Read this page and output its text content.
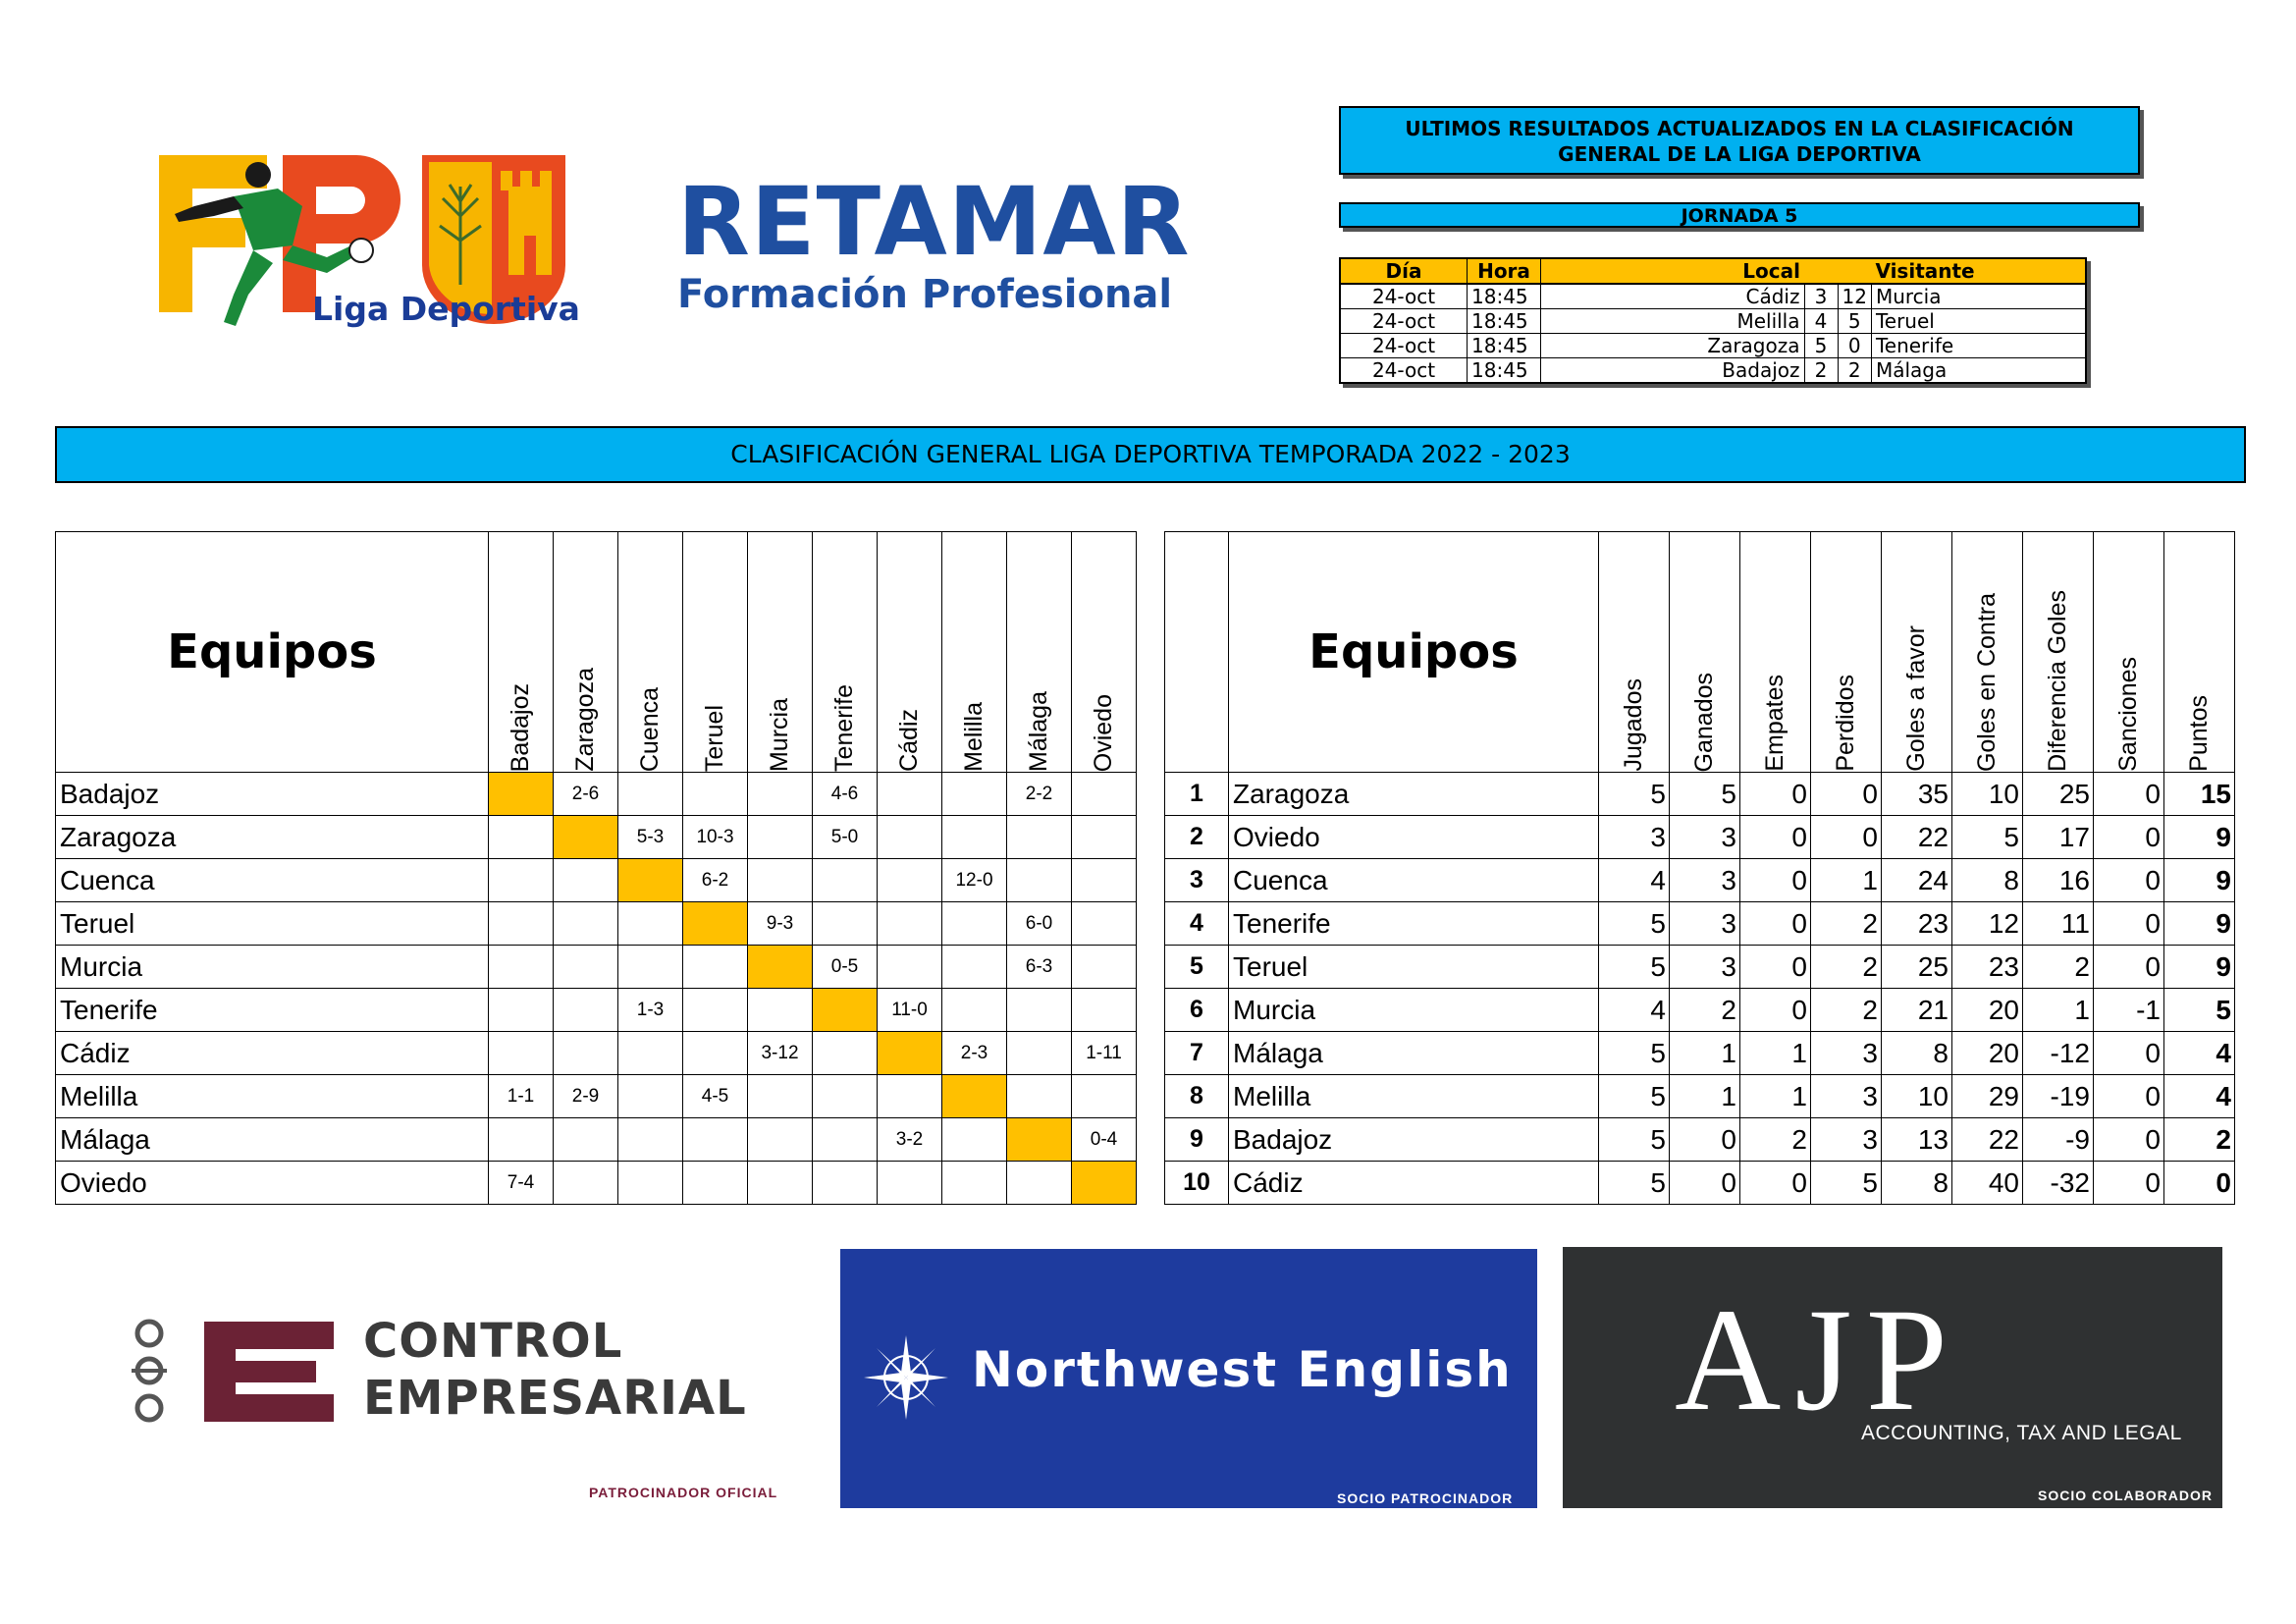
Liga Deportiva
RETAMAR
Formación Profesional
ULTIMOS RESULTADOS ACTUALIZADOS EN LA CLASIFICACIÓN GENERAL DE LA LIGA DEPORTIVA
JORNADA 5
Día	Hora	Local			Visitante
24-oct	18:45	Cádiz	3	12	Murcia
24-oct	18:45	Melilla	4	5	Teruel
24-oct	18:45	Zaragoza	5	0	Tenerife
24-oct	18:45	Badajoz	2	2	Málaga
CLASIFICACIÓN GENERAL LIGA DEPORTIVA TEMPORADA 2022 - 2023
Equipos	Badajoz	Zaragoza	Cuenca	Teruel	Murcia	Tenerife	Cádiz	Melilla	Málaga	Oviedo

Badajoz		2-6				4-6			2-2	
Zaragoza			5-3	10-3		5-0				
Cuenca				6-2				12-0		
Teruel					9-3				6-0	
Murcia						0-5			6-3	
Tenerife			1-3				11-0			
Cádiz					3-12			2-3		1-11
Melilla	1-1	2-9		4-5						
Málaga							3-2			0-4
Oviedo	7-4									
	Equipos	Jugados	Ganados	Empates	Perdidos	Goles a favor	Goles en Contra	Diferencia Goles	Sanciones	Puntos

1	Zaragoza	5	5	0	0	35	10	25	0	15
2	Oviedo	3	3	0	0	22	5	17	0	9
3	Cuenca	4	3	0	1	24	8	16	0	9
4	Tenerife	5	3	0	2	23	12	11	0	9
5	Teruel	5	3	0	2	25	23	2	0	9
6	Murcia	4	2	0	2	21	20	1	-1	5
7	Málaga	5	1	1	3	8	20	-12	0	4
8	Melilla	5	1	1	3	10	29	-19	0	4
9	Badajoz	5	0	2	3	13	22	-9	0	2
10	Cádiz	5	0	0	5	8	40	-32	0	0
CONTROL
EMPRESARIAL
PATROCINADOR OFICIAL
Northwest English
SOCIO PATROCINADOR
AJP
ACCOUNTING, TAX AND LEGAL
SOCIO COLABORADOR
